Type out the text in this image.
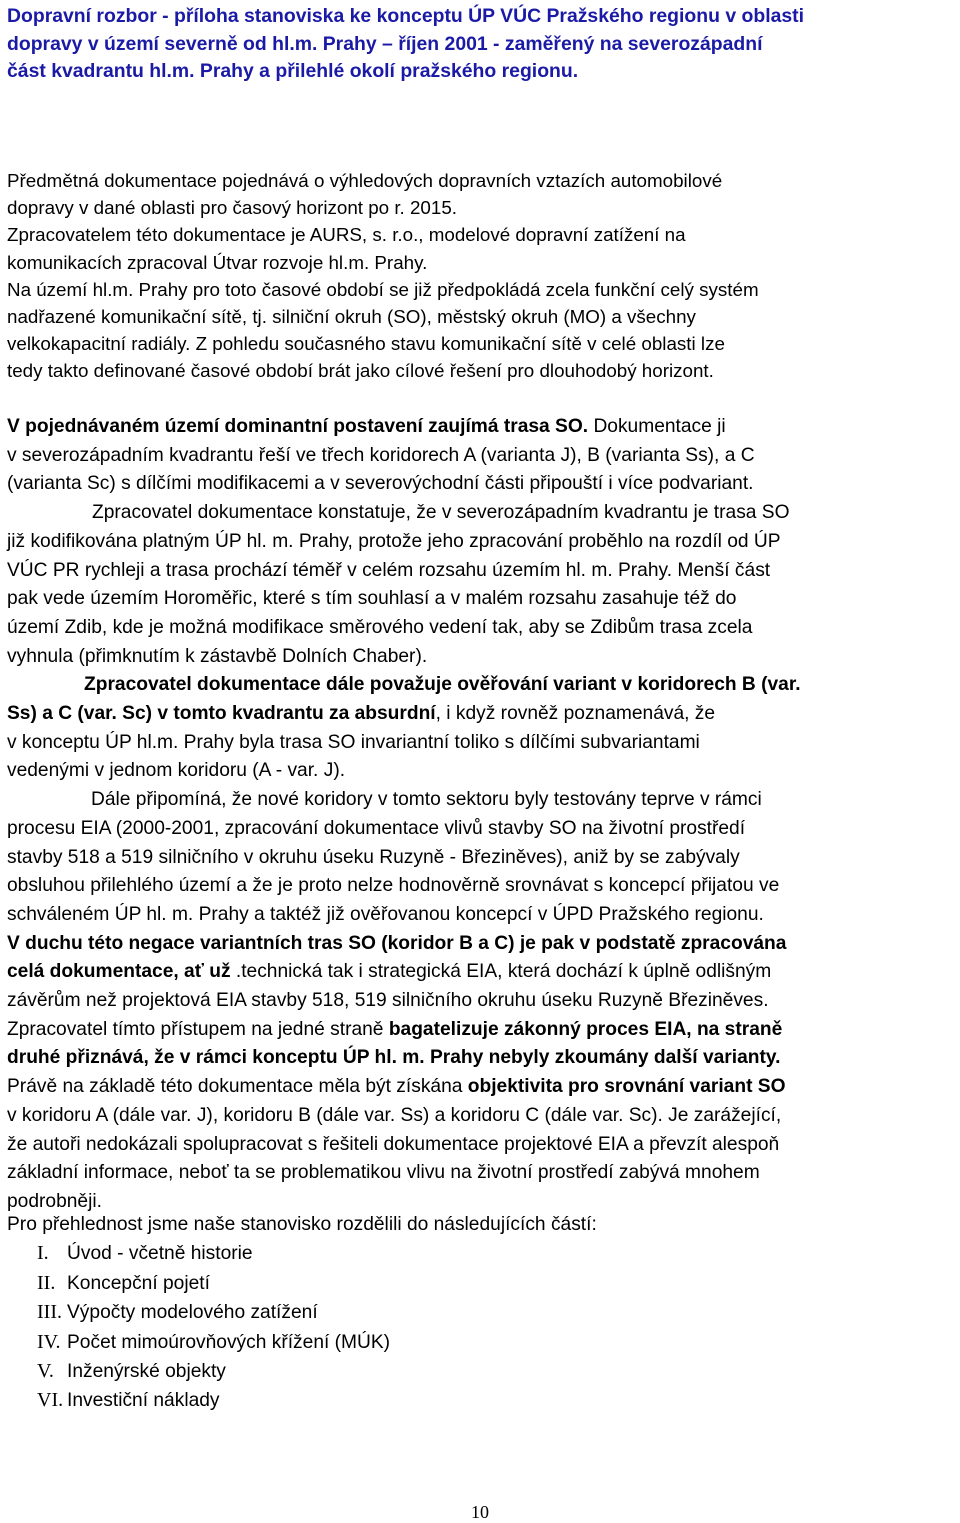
Dopravní rozbor - příloha stanoviska ke konceptu ÚP VÚC Pražského regionu v oblasti
dopravy v území severně od hl.m. Prahy – říjen 2001 - zaměřený na severozápadní
část kvadrantu hl.m. Prahy a přilehlé okolí pražského regionu.
Předmětná dokumentace pojednává o výhledových dopravních vztazích automobilové
dopravy v dané oblasti pro časový horizont po r. 2015.
Zpracovatelem této dokumentace je AURS, s. r.o., modelové dopravní zatížení na
komunikacích zpracoval Útvar rozvoje hl.m. Prahy.
Na území hl.m. Prahy pro toto časové období se již předpokládá zcela funkční celý systém
nadřazené komunikační sítě, tj. silniční okruh (SO), městský okruh (MO) a všechny
velkokapacitní radiály. Z pohledu současného stavu komunikační sítě v celé oblasti lze
tedy takto definované časové období brát jako cílové řešení pro dlouhodobý horizont.
V pojednávaném území dominantní postavení zaujímá trasa SO. Dokumentace ji
v severozápadním kvadrantu řeší ve třech koridorech A (varianta J), B (varianta Ss), a C
(varianta Sc) s dílčími modifikacemi a v severovýchodní části připouští i více podvariant.
Zpracovatel dokumentace konstatuje, že v severozápadním kvadrantu je trasa SO
již kodifikována platným ÚP hl. m. Prahy, protože jeho zpracování proběhlo na rozdíl od ÚP
VÚC PR rychleji a trasa prochází téměř v celém rozsahu územím hl. m. Prahy. Menší část
pak vede územím Horoměřic, které s tím souhlasí a v malém rozsahu zasahuje též do
území Zdib, kde je možná modifikace směrového vedení tak, aby se Zdibům trasa zcela
vyhnula (přimknutím k zástavbě Dolních Chaber).
Zpracovatel dokumentace dále považuje ověřování variant v koridorech B (var.
Ss) a C (var. Sc) v tomto kvadrantu za absurdní, i když rovněž poznamenává, že
v konceptu ÚP hl.m. Prahy byla trasa SO invariantní toliko s dílčími subvariantami
vedenými v jednom koridoru (A - var. J).
Dále připomíná, že nové koridory v tomto sektoru byly testovány teprve v rámci
procesu EIA (2000-2001, zpracování dokumentace vlivů stavby SO na životní prostředí
stavby 518 a 519 silničního v okruhu úseku Ruzyně - Březiněves), aniž by se zabývaly
obsluhou přilehlého území a že je proto nelze hodnověrně srovnávat s koncepcí přijatou ve
schváleném ÚP hl. m. Prahy a taktéž již ověřovanou koncepcí v ÚPD Pražského regionu.
V duchu této negace variantních tras SO (koridor B a C) je pak v podstatě zpracována
celá dokumentace, ať už .technická tak i strategická EIA, která dochází k úplně odlišným
závěrům než projektová EIA stavby 518, 519 silničního okruhu úseku Ruzyně Březiněves.
Zpracovatel tímto přístupem na jedné straně bagatelizuje zákonný proces EIA, na straně
druhé přiznává, že v rámci konceptu ÚP hl. m. Prahy nebyly zkoumány další varianty.
Právě na základě této dokumentace měla být získána objektivita pro srovnání variant SO
v koridoru A (dále var. J), koridoru B (dále var. Ss) a koridoru C (dále var. Sc). Je zarážející,
že autoři nedokázali spolupracovat s řešiteli dokumentace projektové EIA a převzít alespoň
základní informace, neboť ta se problematikou vlivu na životní prostředí zabývá mnohem
podrobněji.
Pro přehlednost jsme naše stanovisko rozdělili do následujících částí:
I. Úvod - včetně historie
II. Koncepční pojetí
III. Výpočty modelového zatížení
IV. Počet mimoúrovňových křížení (MÚK)
V. Inženýrské objekty
VI. Investiční náklady
10
